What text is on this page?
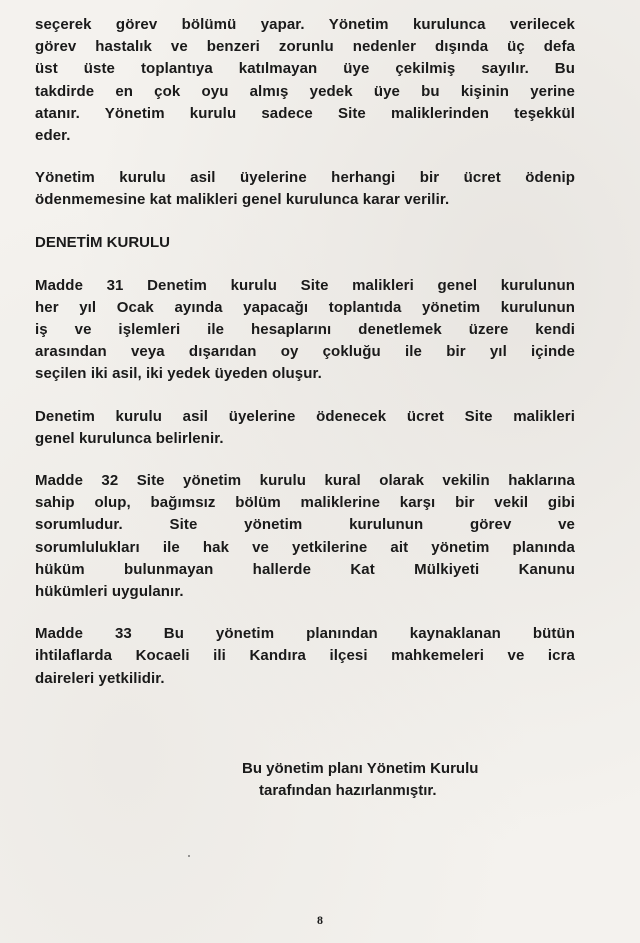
seçerek görev bölümü yapar. Yönetim kurulunca verilecek
görev hastalık ve benzeri zorunlu nedenler dışında üç defa
üst üste toplantıya katılmayan üye çekilmiş sayılır. Bu
takdirde en çok oyu almış yedek üye bu kişinin yerine
atanır. Yönetim kurulu sadece Site maliklerinden teşekkül
eder.

Yönetim kurulu asil üyelerine herhangi bir ücret ödenip
ödenmemesine kat malikleri genel kurulunca karar verilir.

DENETİM KURULU

Madde 31 Denetim kurulu Site malikleri genel kurulunun
her yıl Ocak ayında yapacağı toplantıda yönetim kurulunun
iş ve işlemleri ile hesaplarını denetlemek üzere kendi
arasından veya dışarıdan oy çokluğu ile bir yıl içinde
seçilen iki asil, iki yedek üyeden oluşur.

Denetim kurulu asil üyelerine ödenecek ücret Site malikleri
genel kurulunca belirlenir.

Madde 32 Site yönetim kurulu kural olarak vekilin haklarına
sahip olup, bağımsız bölüm maliklerine karşı bir vekil gibi
sorumludur. Site yönetim kurulunun görev ve
sorumlulukları ile hak ve yetkilerine ait yönetim planında
hüküm bulunmayan hallerde Kat Mülkiyeti Kanunu
hükümleri uygulanır.

Madde 33 Bu yönetim planından kaynaklanan bütün
ihtilaflarda Kocaeli ili Kandıra ilçesi mahkemeleri ve icra
daireleri yetkilidir.

Bu yönetim planı Yönetim Kurulu
tarafından hazırlanmıştır.
8
